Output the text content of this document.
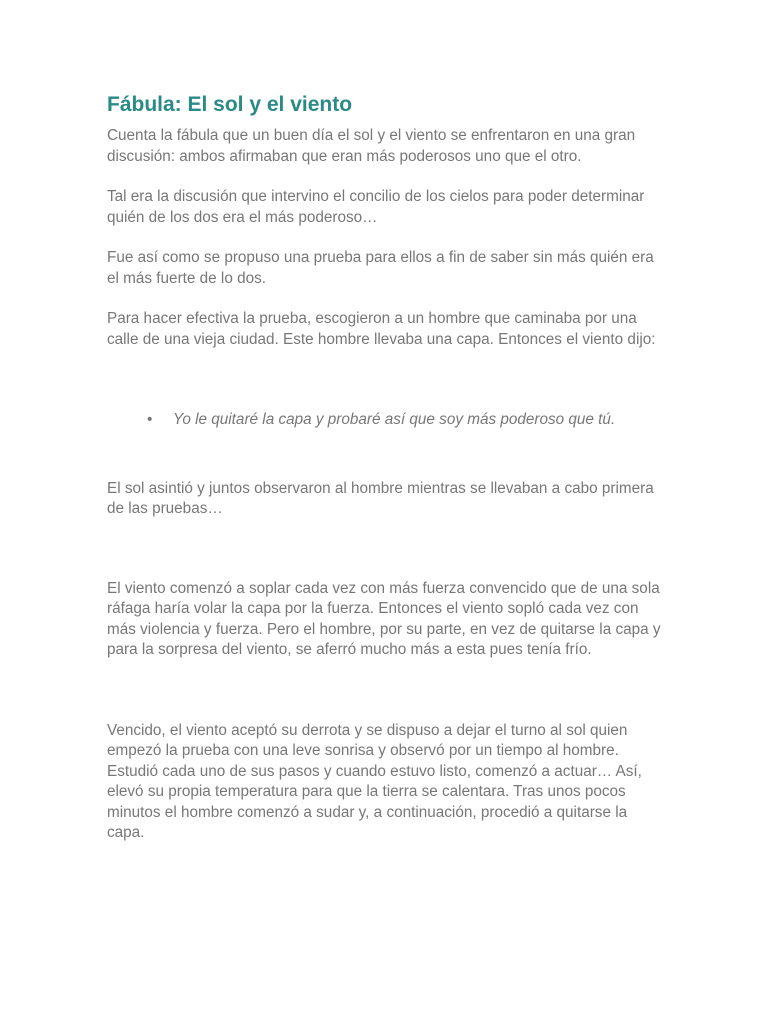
Fábula: El sol y el viento

Cuenta la fábula que un buen día el sol y el viento se enfrentaron en una gran discusión: ambos afirmaban que eran más poderosos uno que el otro.

Tal era la discusión que intervino el concilio de los cielos para poder determinar quién de los dos era el más poderoso…

Fue así como se propuso una prueba para ellos a fin de saber sin más quién era el más fuerte de lo dos.

Para hacer efectiva la prueba, escogieron a un hombre que caminaba por una calle de una vieja ciudad. Este hombre llevaba una capa. Entonces el viento dijo:

• Yo le quitaré la capa y probaré así que soy más poderoso que tú.

El sol asintió y juntos observaron al hombre mientras se llevaban a cabo primera de las pruebas…

El viento comenzó a soplar cada vez con más fuerza convencido que de una sola ráfaga haría volar la capa por la fuerza. Entonces el viento sopló cada vez con más violencia y fuerza. Pero el hombre, por su parte, en vez de quitarse la capa y para la sorpresa del viento, se aferró mucho más a esta pues tenía frío.

Vencido, el viento aceptó su derrota y se dispuso a dejar el turno al sol quien empezó la prueba con una leve sonrisa y observó por un tiempo al hombre. Estudió cada uno de sus pasos y cuando estuvo listo, comenzó a actuar… Así, elevó su propia temperatura para que la tierra se calentara. Tras unos pocos minutos el hombre comenzó a sudar y, a continuación, procedió a quitarse la capa.
